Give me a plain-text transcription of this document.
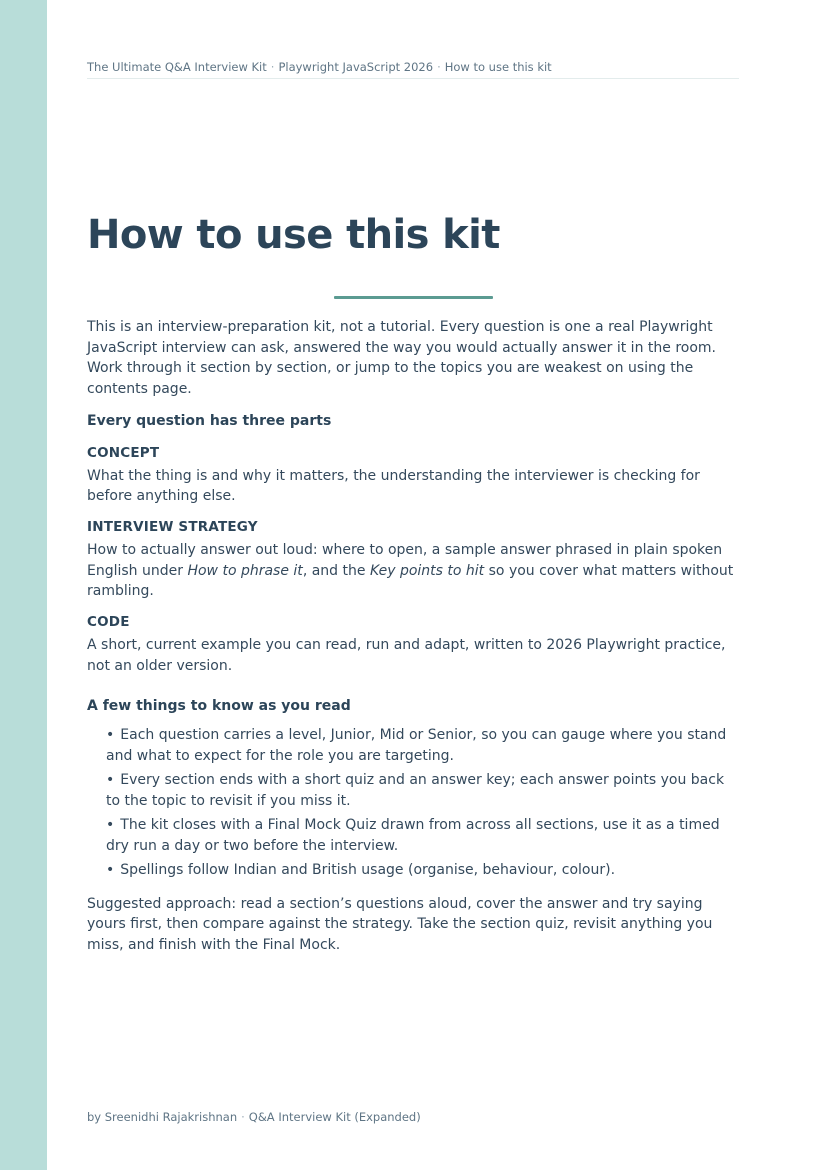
The Ultimate Q&A Interview Kit · Playwright JavaScript 2026 · How to use this kit
How to use this kit

This is an interview-preparation kit, not a tutorial. Every question is one a real Playwright JavaScript interview can ask, answered the way you would actually answer it in the room. Work through it section by section, or jump to the topics you are weakest on using the contents page.

Every question has three parts

CONCEPT

What the thing is and why it matters, the understanding the interviewer is checking for before anything else.

INTERVIEW STRATEGY

How to actually answer out loud: where to open, a sample answer phrased in plain spoken English under How to phrase it, and the Key points to hit so you cover what matters without rambling.

CODE

A short, current example you can read, run and adapt, written to 2026 Playwright practice, not an older version.

A few things to know as you read

• Each question carries a level, Junior, Mid or Senior, so you can gauge where you stand and what to expect for the role you are targeting.
• Every section ends with a short quiz and an answer key; each answer points you back to the topic to revisit if you miss it.
• The kit closes with a Final Mock Quiz drawn from across all sections, use it as a timed dry run a day or two before the interview.
• Spellings follow Indian and British usage (organise, behaviour, colour).

Suggested approach: read a section’s questions aloud, cover the answer and try saying yours first, then compare against the strategy. Take the section quiz, revisit anything you miss, and finish with the Final Mock.

by Sreenidhi Rajakrishnan · Q&A Interview Kit (Expanded)
